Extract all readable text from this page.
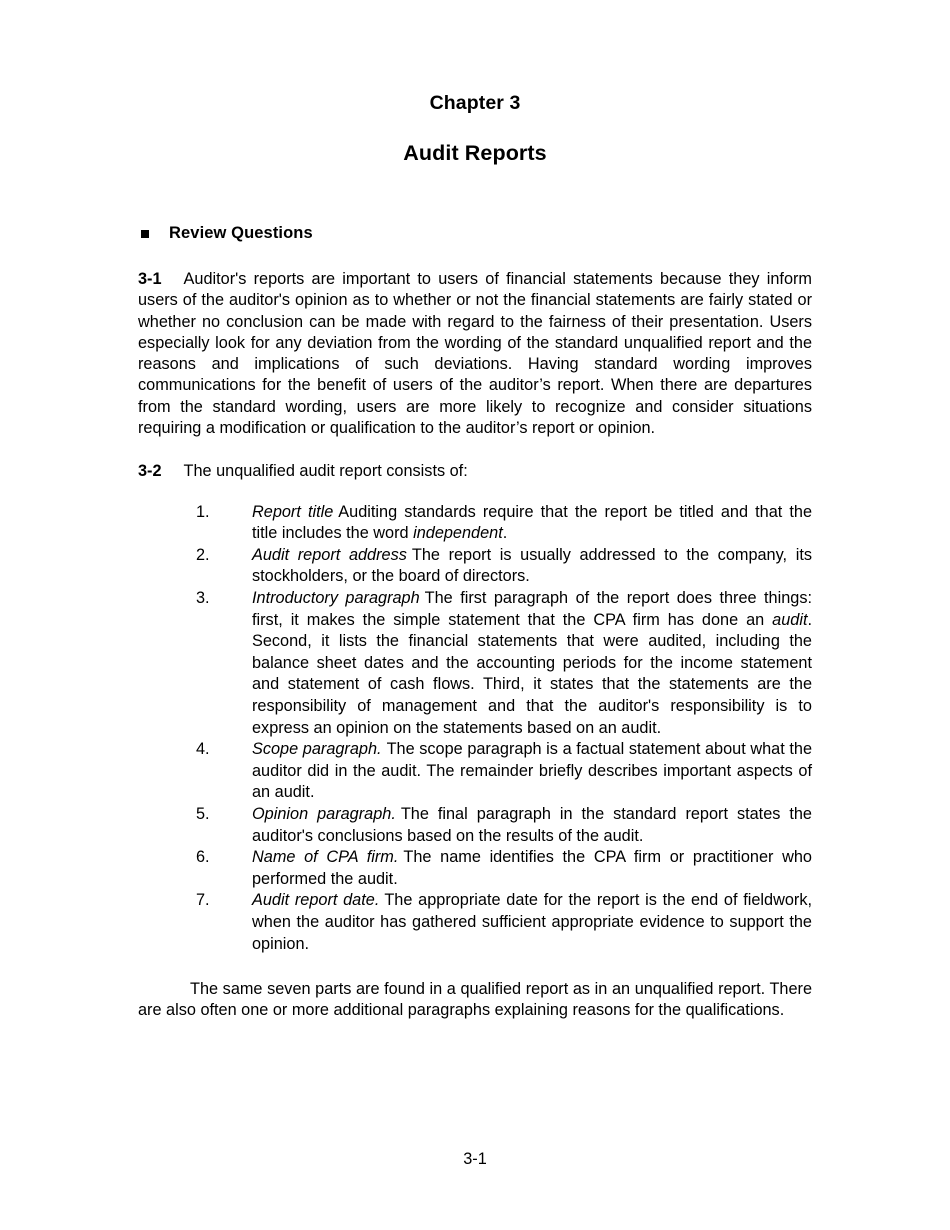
Chapter 3
Audit Reports
Review Questions

3-1 Auditor's reports are important to users of financial statements because they inform users of the auditor's opinion as to whether or not the financial statements are fairly stated or whether no conclusion can be made with regard to the fairness of their presentation. Users especially look for any deviation from the wording of the standard unqualified report and the reasons and implications of such deviations. Having standard wording improves communications for the benefit of users of the auditor’s report. When there are departures from the standard wording, users are more likely to recognize and consider situations requiring a modification or qualification to the auditor’s report or opinion.

3-2 The unqualified audit report consists of:

1.	Report title Auditing standards require that the report be titled and that the title includes the word independent.
2.	Audit report address The report is usually addressed to the company, its stockholders, or the board of directors.
3.	Introductory paragraph The first paragraph of the report does three things: first, it makes the simple statement that the CPA firm has done an audit. Second, it lists the financial statements that were audited, including the balance sheet dates and the accounting periods for the income statement and statement of cash flows. Third, it states that the statements are the responsibility of management and that the auditor's responsibility is to express an opinion on the statements based on an audit.
4.	Scope paragraph. The scope paragraph is a factual statement about what the auditor did in the audit. The remainder briefly describes important aspects of an audit.
5.	Opinion paragraph. The final paragraph in the standard report states the auditor's conclusions based on the results of the audit.
6.	Name of CPA firm. The name identifies the CPA firm or practitioner who performed the audit.
7.	Audit report date. The appropriate date for the report is the end of fieldwork, when the auditor has gathered sufficient appropriate evidence to support the opinion.

The same seven parts are found in a qualified report as in an unqualified report. There are also often one or more additional paragraphs explaining reasons for the qualifications.

3-1
